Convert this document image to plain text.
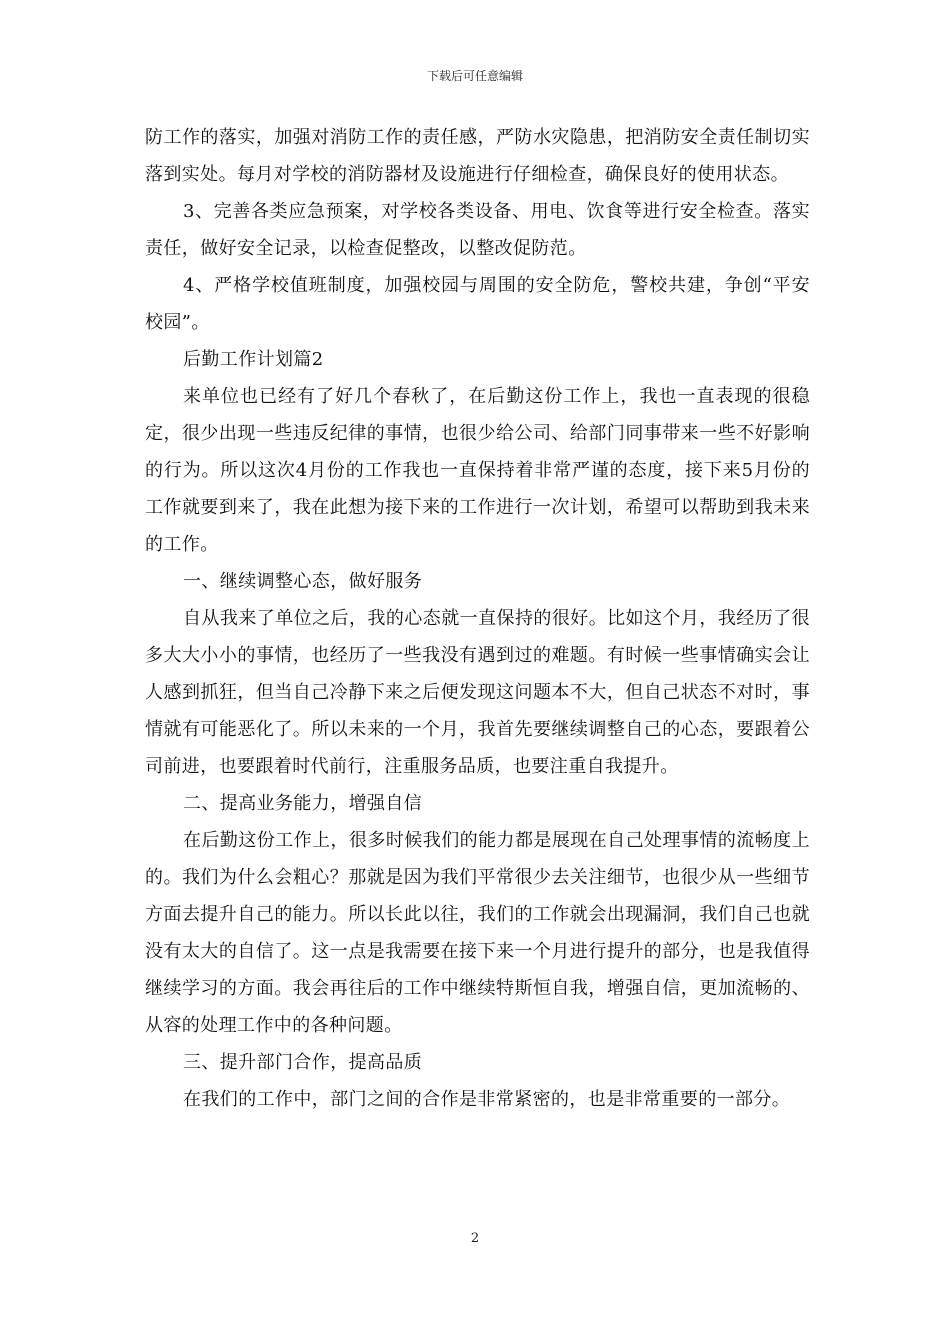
下载后可任意编辑

防工作的落实，加强对消防工作的责任感，严防水灾隐患，把消防安全责任制切实落到实处。每月对学校的消防器材及设施进行仔细检查，确保良好的使用状态。

3、完善各类应急预案，对学校各类设备、用电、饮食等进行安全检查。落实责任，做好安全记录，以检查促整改，以整改促防范。

4、严格学校值班制度，加强校园与周围的安全防危，警校共建，争创“平安校园”。

后勤工作计划篇2

来单位也已经有了好几个春秋了，在后勤这份工作上，我也一直表现的很稳定，很少出现一些违反纪律的事情，也很少给公司、给部门同事带来一些不好影响的行为。所以这次4月份的工作我也一直保持着非常严谨的态度，接下来5月份的工作就要到来了，我在此想为接下来的工作进行一次计划，希望可以帮助到我未来的工作。

一、继续调整心态，做好服务

自从我来了单位之后，我的心态就一直保持的很好。比如这个月，我经历了很多大大小小的事情，也经历了一些我没有遇到过的难题。有时候一些事情确实会让人感到抓狂，但当自己冷静下来之后便发现这问题本不大，但自己状态不对时，事情就有可能恶化了。所以未来的一个月，我首先要继续调整自己的心态，要跟着公司前进，也要跟着时代前行，注重服务品质，也要注重自我提升。

二、提高业务能力，增强自信

在后勤这份工作上，很多时候我们的能力都是展现在自己处理事情的流畅度上的。我们为什么会粗心？那就是因为我们平常很少去关注细节，也很少从一些细节方面去提升自己的能力。所以长此以往，我们的工作就会出现漏洞，我们自己也就没有太大的自信了。这一点是我需要在接下来一个月进行提升的部分，也是我值得继续学习的方面。我会再往后的工作中继续特斯恒自我，增强自信，更加流畅的、从容的处理工作中的各种问题。

三、提升部门合作，提高品质

在我们的工作中，部门之间的合作是非常紧密的，也是非常重要的一部分。

2
